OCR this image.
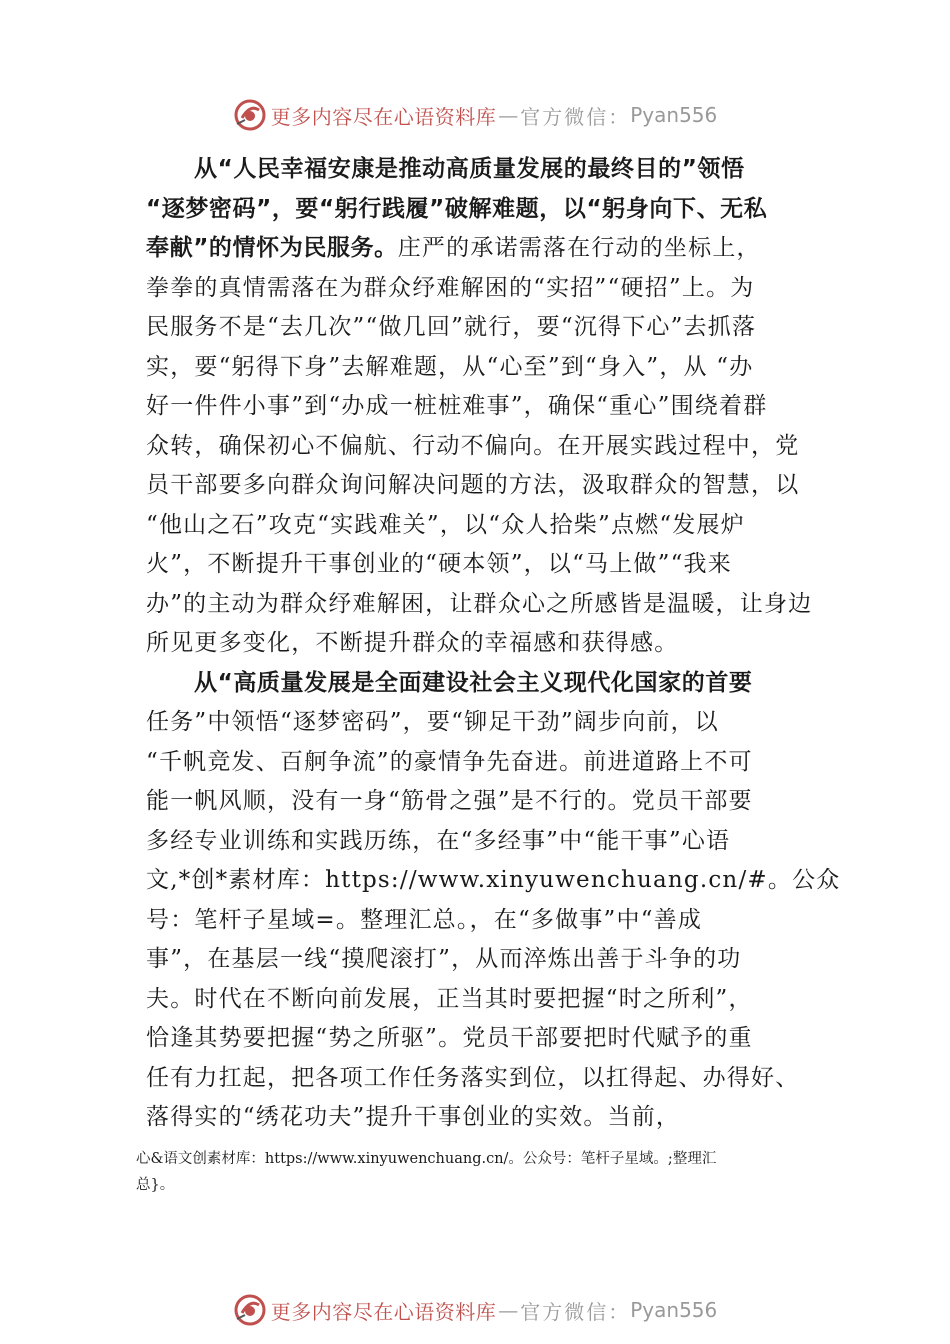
更多内容尽在心语资料库 — 官方微信： Pyan556
从“人民幸福安康是推动高质量发展的最终目的”领悟
“逐梦密码”，要“躬行践履”破解难题，以“躬身向下、无私
奉献”的情怀为民服务。庄严的承诺需落在行动的坐标上，
拳拳的真情需落在为群众纾难解困的“实招”“硬招”上。为
民服务不是“去几次”“做几回”就行，要“沉得下心”去抓落
实，要“躬得下身”去解难题，从“心至”到“身入”，从 “办
好一件件小事”到“办成一桩桩难事”，确保“重心”围绕着群
众转，确保初心不偏航、行动不偏向。在开展实践过程中，党
员干部要多向群众询问解决问题的方法，汲取群众的智慧，以
“他山之石”攻克“实践难关”，以“众人拾柴”点燃“发展炉
火”，不断提升干事创业的“硬本领”，以“马上做”“我来
办”的主动为群众纾难解困，让群众心之所感皆是温暖，让身边
所见更多变化，不断提升群众的幸福感和获得感。
从“高质量发展是全面建设社会主义现代化国家的首要
任务”中领悟“逐梦密码”，要“铆足干劲”阔步向前，以
“千帆竞发、百舸争流”的豪情争先奋进。前进道路上不可
能一帆风顺，没有一身“筋骨之强”是不行的。党员干部要
多经专业训练和实践历练，在“多经事”中“能干事”心语
文,*创*素材库：https://www.xinyuwenchuang.cn/#。公众
号：笔杆子星域=。整理汇总。，在“多做事”中“善成
事”，在基层一线“摸爬滚打”，从而淬炼出善于斗争的功
夫。时代在不断向前发展，正当其时要把握“时之所利”，
恰逢其势要把握“势之所驱”。党员干部要把时代赋予的重
任有力扛起，把各项工作任务落实到位，以扛得起、办得好、
落得实的“绣花功夫”提升干事创业的实效。当前，
心&语文创素材库：https://www.xinyuwenchuang.cn/。公众号：笔杆子星域。;整理汇
总}。
更多内容尽在心语资料库 — 官方微信： Pyan556
